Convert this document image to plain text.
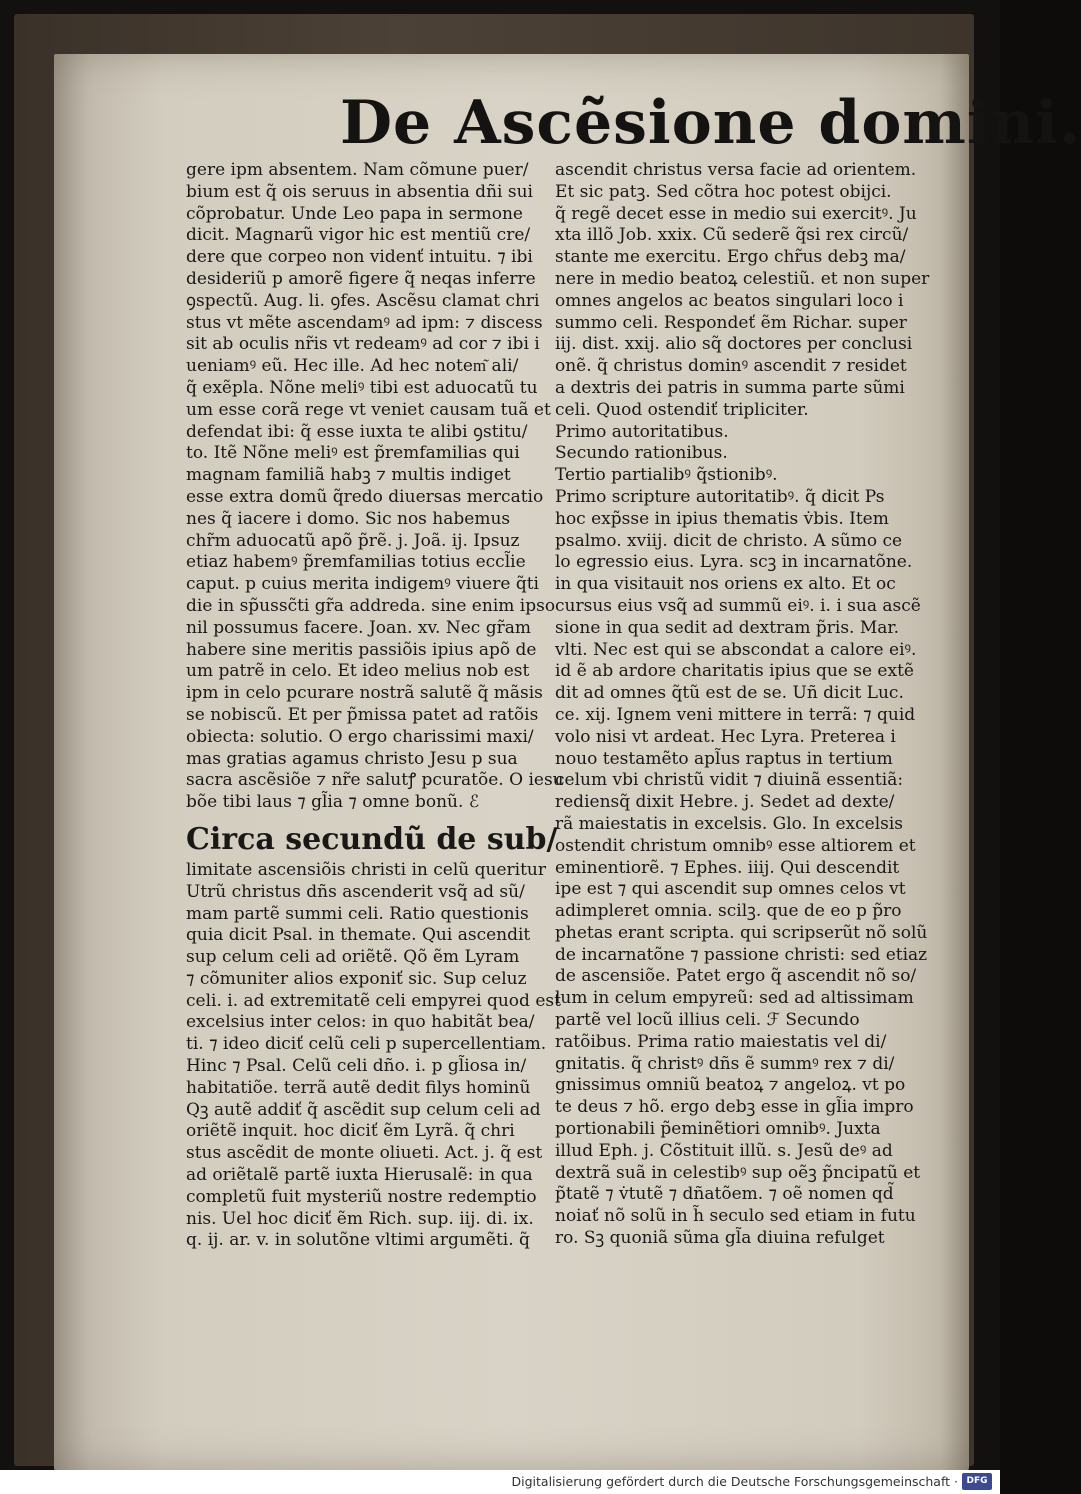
De Ascẽsione domini.
gere ipm absentem. Nam cõmune puer/
bium est q̃ ois seruus in absentia dñi sui
cõprobatur. Unde Leo papa in sermone
dicit. Magnarũ vigor hic est mentiũ cre/
dere que corpeo non videnť intuitu. ⁊ ibi
desideriũ p amorẽ figere q̃ neqas inferre
ꝯspectũ. Aug. li. ꝯfes. Ascẽsu clamat chri
stus vt mẽte ascendamꝰ ad ipm: ⁊ discess
sit ab oculis nr̃is vt redeamꝰ ad cor ⁊ ibi i
ueniamꝰ eũ. Hec ille. Ad hec notem͂ ali/
q̃ exẽpla. Nõne meliꝰ tibi est aduocatũ tu
um esse corã rege vt veniet causam tuã et
defendat ibi: q̃ esse iuxta te alibi ꝯstitu/
to. Itẽ Nõne meliꝰ est p̃remfamilias qui
magnam familiã habꝫ ⁊ multis indiget
esse extra domũ q̃redo diuersas mercatio
nes q̃ iacere i domo. Sic nos habemus
chr̃m aduocatũ apõ p̃rẽ. j. Joã. ij. Ipsuz
etiaz habemꝰ p̃remfamilias totius eccl̃ie
caput. p cuius merita indigemꝰ viuere q̃ti
die in sp̃ussc̃ti gr̃a addreda. sine enim ipso
nil possumus facere. Joan. xv. Nec gr̃am
habere sine meritis passiõis ipius apõ de
um patrẽ in celo. Et ideo melius nob est
ipm in celo pcurare nostrã salutẽ q̃ mãsis
se nobiscũ. Et per p̃missa patet ad ratõis
obiecta: solutio. O ergo charissimi maxi/
mas gratias agamus christo Jesu p sua
sacra ascẽsiõe ⁊ nr̃e salutꝭ pcuratõe. O iesu
bõe tibi laus ⁊ gl̃ia ⁊ omne bonũ. ℰ
Circa secundũ de sub/
limitate ascensiõis christi in celũ queritur
Utrũ christus dñs ascenderit vsq̃ ad sũ/
mam partẽ summi celi. Ratio questionis
quia dicit Psal. in themate. Qui ascendit
sup celum celi ad oriẽtẽ. Qõ ẽm Lyram
⁊ cõmuniter alios exponiť sic. Sup celuz
celi. i. ad extremitatẽ celi empyrei quod est
excelsius inter celos: in quo habitãt bea/
ti. ⁊ ideo diciť celũ celi p supercellentiam.
Hinc ⁊ Psal. Celũ celi dño. i. p gl̃iosa in/
habitatiõe. terrã autẽ dedit filys hominũ
Qꝫ autẽ addiť q̃ ascẽdit sup celum celi ad
oriẽtẽ inquit. hoc diciť ẽm Lyrã. q̃ chri
stus ascẽdit de monte oliueti. Act. j. q̃ est
ad oriẽtalẽ partẽ iuxta Hierusalẽ: in qua
completũ fuit mysteriũ nostre redemptio
nis. Uel hoc diciť ẽm Rich. sup. iij. di. ix.
q. ij. ar. v. in solutõne vltimi argumẽti. q̃
ascendit christus versa facie ad orientem.
Et sic patꝫ. Sed cõtra hoc potest obijci.
q̃ regẽ decet esse in medio sui exercitꝰ. Ju
xta illõ Job. xxix. Cũ sederẽ q̃si rex circũ/
stante me exercitu. Ergo chr̃us debꝫ ma/
nere in medio beatoꝝ celestiũ. et non super
omnes angelos ac beatos singulari loco i
summo celi. Respondeť ẽm Richar. super
iij. dist. xxij. alio sq̃ doctores per conclusi
onẽ. q̃ christus dominꝰ ascendit ⁊ residet
a dextris dei patris in summa parte sũmi
celi. Quod ostendiť tripliciter.
Primo autoritatibus.
Secundo rationibus.
Tertio partialibꝰ q̃stionibꝰ.
Primo scripture autoritatibꝰ. q̃ dicit Ps
hoc exp̃sse in ipius thematis v̇bis. Item
psalmo. xviij. dicit de christo. A sũmo ce
lo egressio eius. Lyra. scꝫ in incarnatõne.
in qua visitauit nos oriens ex alto. Et oc
cursus eius vsq̃ ad summũ eiꝰ. i. i sua ascẽ
sione in qua sedit ad dextram p̃ris. Mar.
vlti. Nec est qui se abscondat a calore eiꝰ.
id ẽ ab ardore charitatis ipius que se extẽ
dit ad omnes q̃tũ est de se. Uñ dicit Luc.
ce. xij. Ignem veni mittere in terrã: ⁊ quid
volo nisi vt ardeat. Hec Lyra. Preterea i
nouo testamẽto apl̃us raptus in tertium
celum vbi christũ vidit ⁊ diuinã essentiã:
rediensq̃ dixit Hebre. j. Sedet ad dexte/
rã maiestatis in excelsis. Glo. In excelsis
ostendit christum omnibꝰ esse altiorem et
eminentiorẽ. ⁊ Ephes. iiij. Qui descendit
ipe est ⁊ qui ascendit sup omnes celos vt
adimpleret omnia. scilꝫ. que de eo p p̃ro
phetas erant scripta. qui scripserũt nõ solũ
de incarnatõne ⁊ passione christi: sed etiaz
de ascensiõe. Patet ergo q̃ ascendit nõ so/
lum in celum empyreũ: sed ad altissimam
partẽ vel locũ illius celi. ℱ Secundo
ratõibus. Prima ratio maiestatis vel di/
gnitatis. q̃ christꝰ dñs ẽ summꝰ rex ⁊ di/
gnissimus omniũ beatoꝝ ⁊ angeloꝝ. vt po
te deus ⁊ hõ. ergo debꝫ esse in gl̃ia impro
portionabili p̃eminẽtiori omnibꝰ. Juxta
illud Eph. j. Cõstituit illũ. s. Jesũ deꝰ ad
dextrã suã in celestibꝰ sup oẽꝫ p̃ncipatũ et
p̃tatẽ ⁊ v̇tutẽ ⁊ dñatõem. ⁊ oẽ nomen qd̃
noiať nõ solũ in h̃ seculo sed etiam in futu
ro. Sꝫ quoniã sũma gl̃a diuina refulget
Digitalisierung gefördert durch die Deutsche Forschungsgemeinschaft · DFG
